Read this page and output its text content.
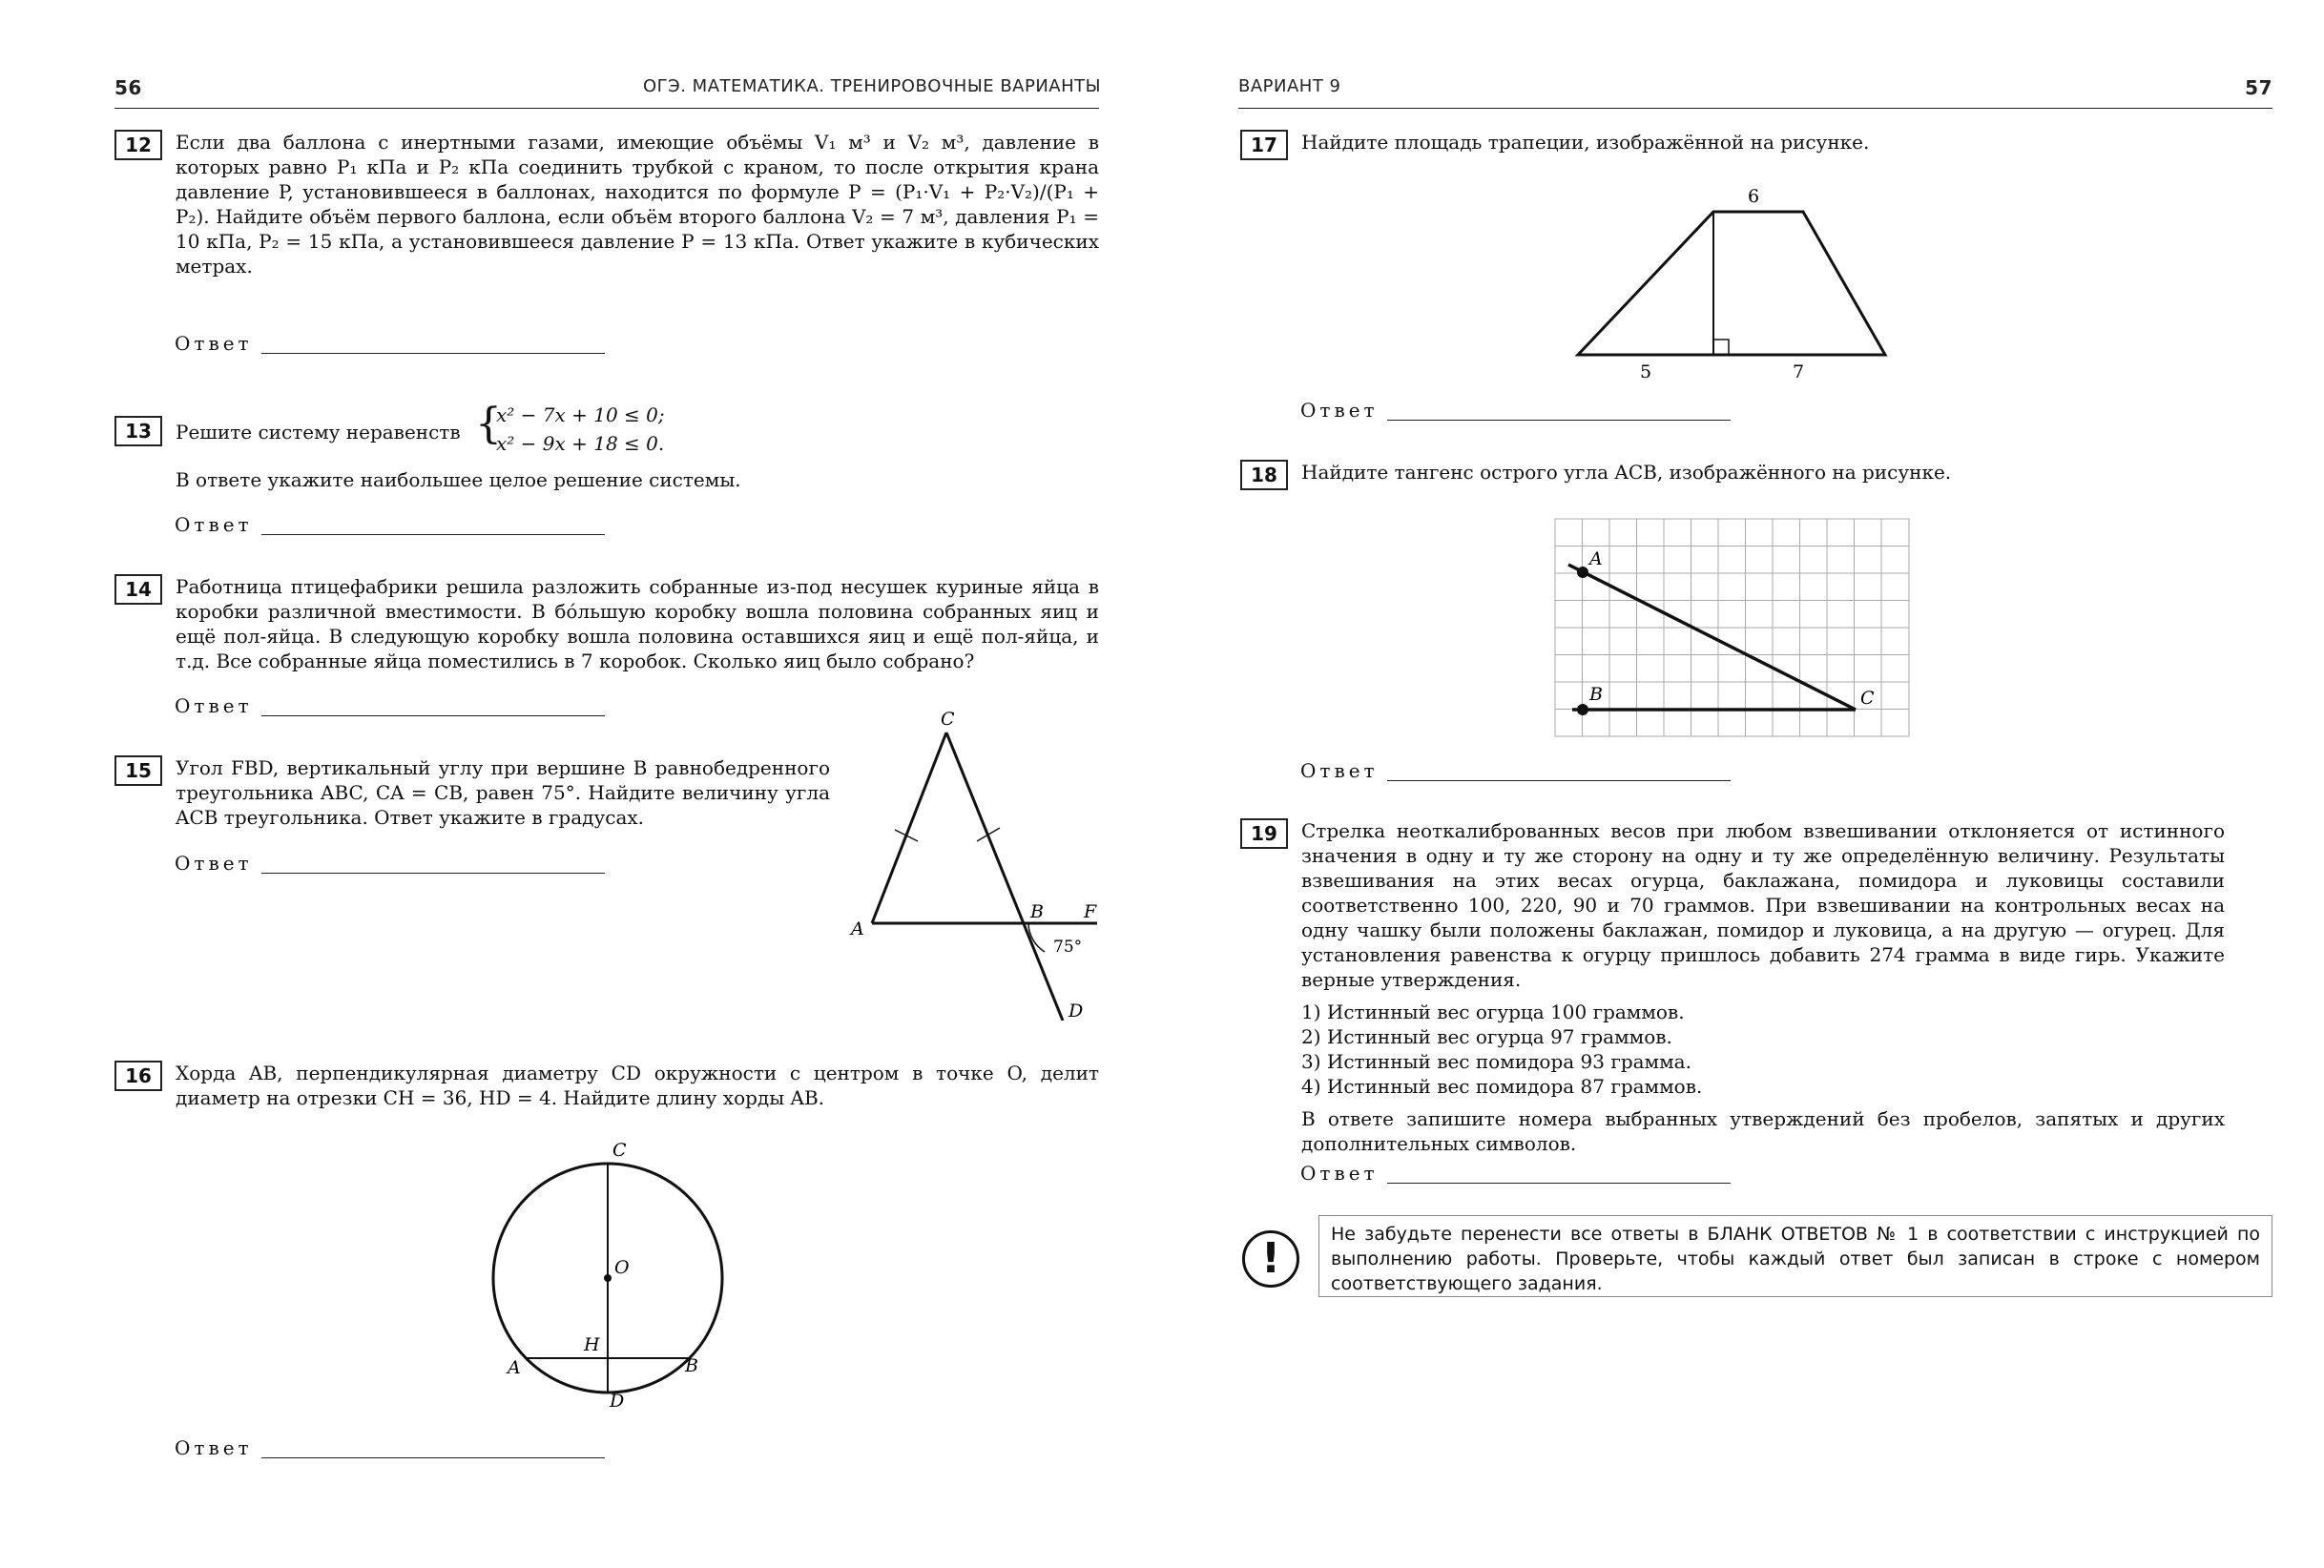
56	ОГЭ. МАТЕМАТИКА. ТРЕНИРОВОЧНЫЕ ВАРИАНТЫ
12	Если два баллона с инертными газами, имеющие объёмы V₁ м³ и V₂ м³, давление в которых равно P₁ кПа и P₂ кПа соединить трубкой с краном, то после открытия крана давление P, установившееся в баллонах, находится по формуле P = (P₁·V₁ + P₂·V₂)/(P₁ + P₂). Найдите объём первого баллона, если объём второго баллона V₂ = 7 м³, давления P₁ = 10 кПа, P₂ = 15 кПа, а установившееся давление P = 13 кПа. Ответ укажите в кубических метрах.
Ответ
13	Решите систему неравенств {
x² − 7x + 10 ≤ 0;
x² − 9x + 18 ≤ 0.
В ответе укажите наибольшее целое решение системы.
Ответ
14	Работница птицефабрики решила разложить собранные из-под несушек куриные яйца в коробки различной вместимости. В бо́льшую коробку вошла половина собранных яиц и ещё пол-яйца. В следующую коробку вошла половина оставшихся яиц и ещё пол-яйца, и т.д. Все собранные яйца поместились в 7 коробок. Сколько яиц было собрано?
Ответ
15	Угол FBD, вертикальный углу при вершине B равнобедренного треугольника ABC, CA = CB, равен 75°. Найдите величину угла ACB треугольника. Ответ укажите в градусах.
Ответ
C
A
B F
D
75°
16	Хорда AB, перпендикулярная диаметру CD окружности с центром в точке O, делит диаметр на отрезки CH = 36, HD = 4. Найдите длину хорды AB.
C
O
H
A	B
D
Ответ
ВАРИАНТ 9	57
17	Найдите площадь трапеции, изображённой на рисунке.
6
5	7
Ответ
18	Найдите тангенс острого угла ACB, изображённого на рисунке.
A
B	C
Ответ
19	Стрелка неоткалиброванных весов при любом взвешивании отклоняется от истинного значения в одну и ту же сторону на одну и ту же определённую величину. Результаты взвешивания на этих весах огурца, баклажана, помидора и луковицы составили соответственно 100, 220, 90 и 70 граммов. При взвешивании на контрольных весах на одну чашку были положены баклажан, помидор и луковица, а на другую — огурец. Для установления равенства к огурцу пришлось добавить 274 грамма в виде гирь. Укажите верные утверждения.
1) Истинный вес огурца 100 граммов.
2) Истинный вес огурца 97 граммов.
3) Истинный вес помидора 93 грамма.
4) Истинный вес помидора 87 граммов.
В ответе запишите номера выбранных утверждений без пробелов, запятых и других дополнительных символов.
Ответ
!	Не забудьте перенести все ответы в БЛАНК ОТВЕТОВ № 1 в соответствии с инструкцией по выполнению работы. Проверьте, чтобы каждый ответ был записан в строке с номером соответствующего задания.
